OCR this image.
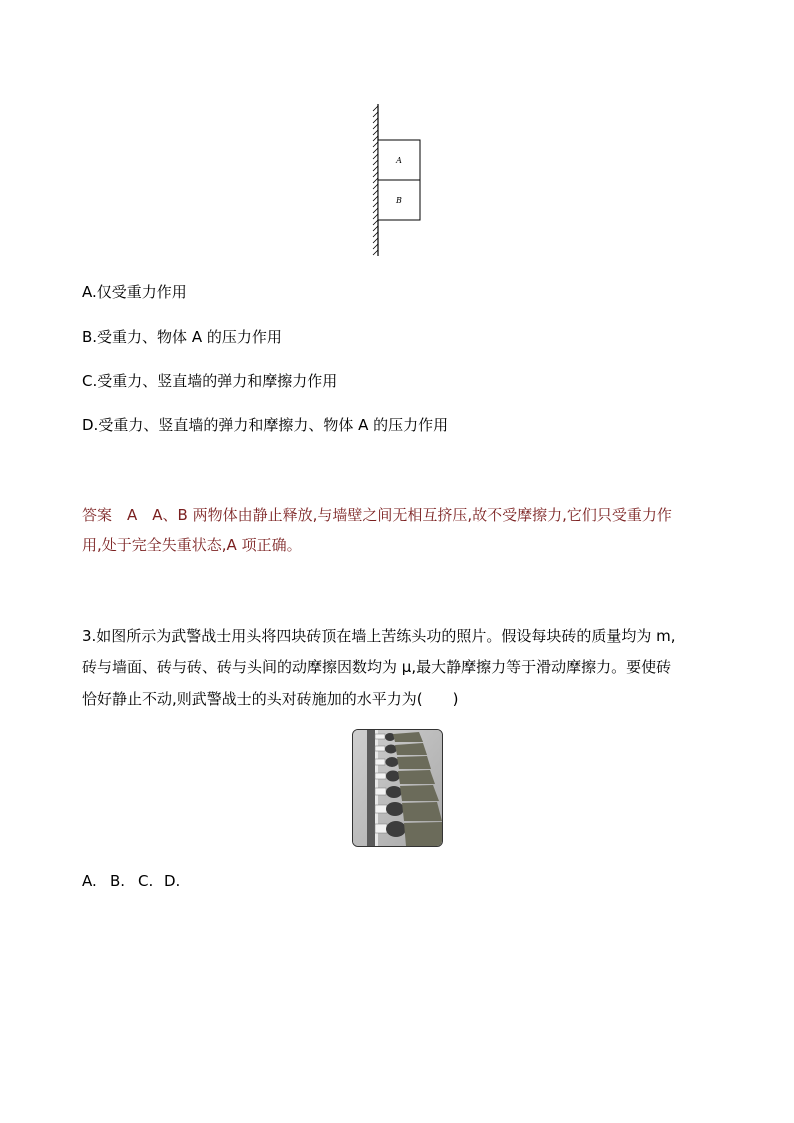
A
B
A.仅受重力作用
B.受重力、物体 A 的压力作用
C.受重力、竖直墙的弹力和摩擦力作用
D.受重力、竖直墙的弹力和摩擦力、物体 A 的压力作用
答案　A　A、B 两物体由静止释放,与墙壁之间无相互挤压,故不受摩擦力,它们只受重力作
用,处于完全失重状态,A 项正确。
3.如图所示为武警战士用头将四块砖顶在墙上苦练头功的照片。假设每块砖的质量均为 m,
砖与墙面、砖与砖、砖与头间的动摩擦因数均为 μ,最大静摩擦力等于滑动摩擦力。要使砖
恰好静止不动,则武警战士的头对砖施加的水平力为(　　)
A. B. C. D.
